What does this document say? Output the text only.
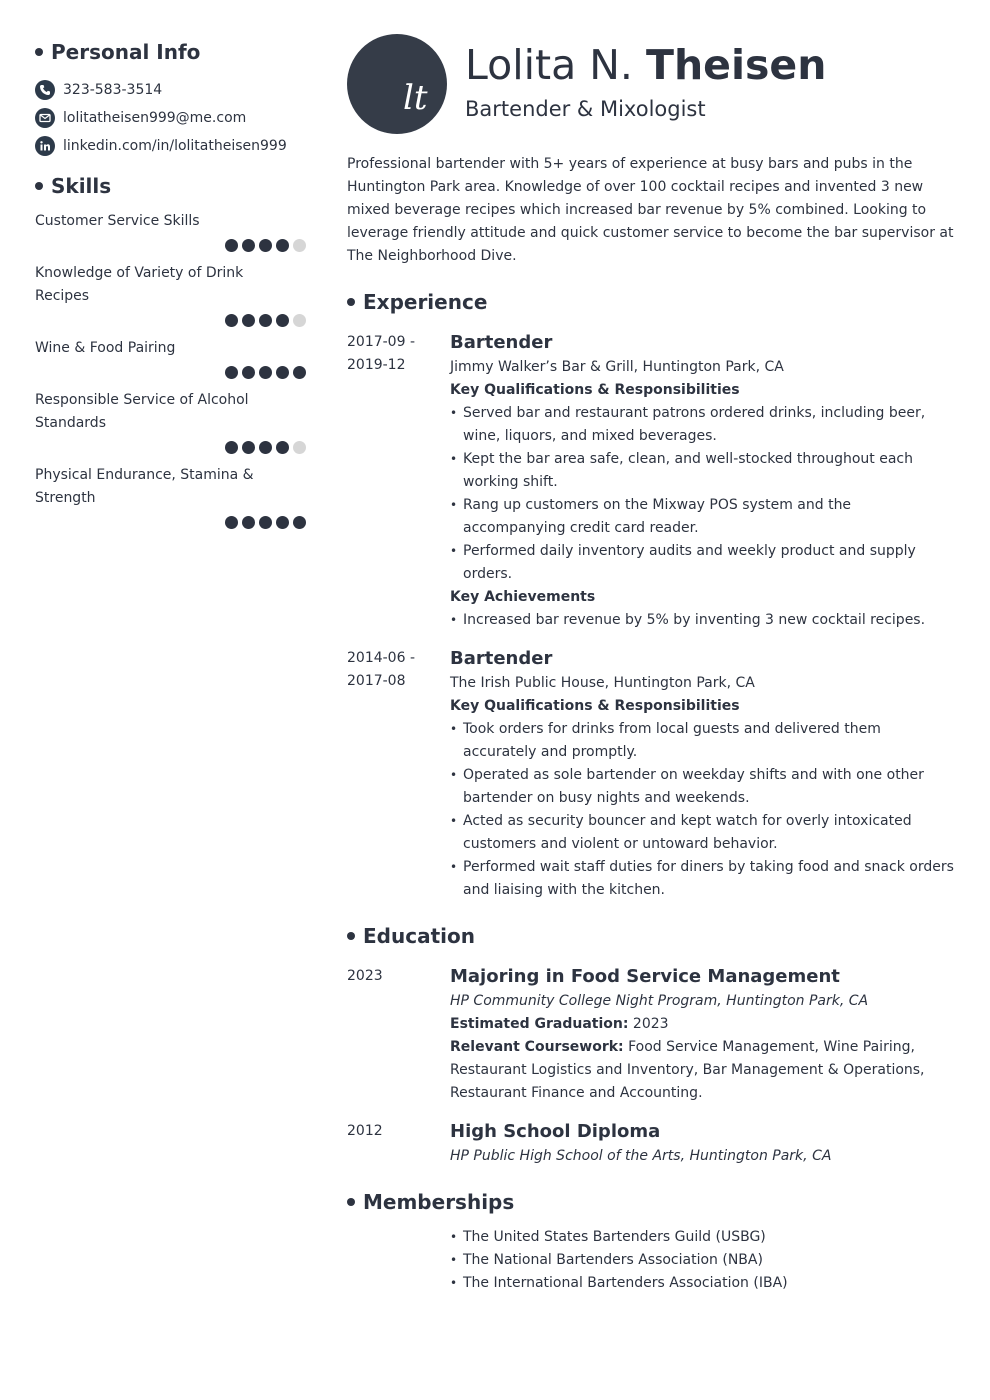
Personal Info
323-583-3514
lolitatheisen999@me.com
linkedin.com/in/lolitatheisen999
Skills
Customer Service Skills
Knowledge of Variety of Drink Recipes
Wine & Food Pairing
Responsible Service of Alcohol Standards
Physical Endurance, Stamina & Strength
lt
Lolita N. Theisen
Bartender & Mixologist
Professional bartender with 5+ years of experience at busy bars and pubs in the Huntington Park area. Knowledge of over 100 cocktail recipes and invented 3 new mixed beverage recipes which increased bar revenue by 5% combined. Looking to leverage friendly attitude and quick customer service to become the bar supervisor at The Neighborhood Dive.
Experience
2017-09 -
2019-12
Bartender
Jimmy Walker’s Bar & Grill, Huntington Park, CA
Key Qualifications & Responsibilities
• Served bar and restaurant patrons ordered drinks, including beer, wine, liquors, and mixed beverages.
• Kept the bar area safe, clean, and well-stocked throughout each working shift.
• Rang up customers on the Mixway POS system and the accompanying credit card reader.
• Performed daily inventory audits and weekly product and supply orders.
Key Achievements
• Increased bar revenue by 5% by inventing 3 new cocktail recipes.
2014-06 -
2017-08
Bartender
The Irish Public House, Huntington Park, CA
Key Qualifications & Responsibilities
• Took orders for drinks from local guests and delivered them accurately and promptly.
• Operated as sole bartender on weekday shifts and with one other bartender on busy nights and weekends.
• Acted as security bouncer and kept watch for overly intoxicated customers and violent or untoward behavior.
• Performed wait staff duties for diners by taking food and snack orders and liaising with the kitchen.
Education
2023	Majoring in Food Service Management
HP Community College Night Program, Huntington Park, CA
Estimated Graduation: 2023
Relevant Coursework: Food Service Management, Wine Pairing, Restaurant Logistics and Inventory, Bar Management & Operations, Restaurant Finance and Accounting.
2012	High School Diploma
HP Public High School of the Arts, Huntington Park, CA
Memberships
• The United States Bartenders Guild (USBG)
• The National Bartenders Association (NBA)
• The International Bartenders Association (IBA)
